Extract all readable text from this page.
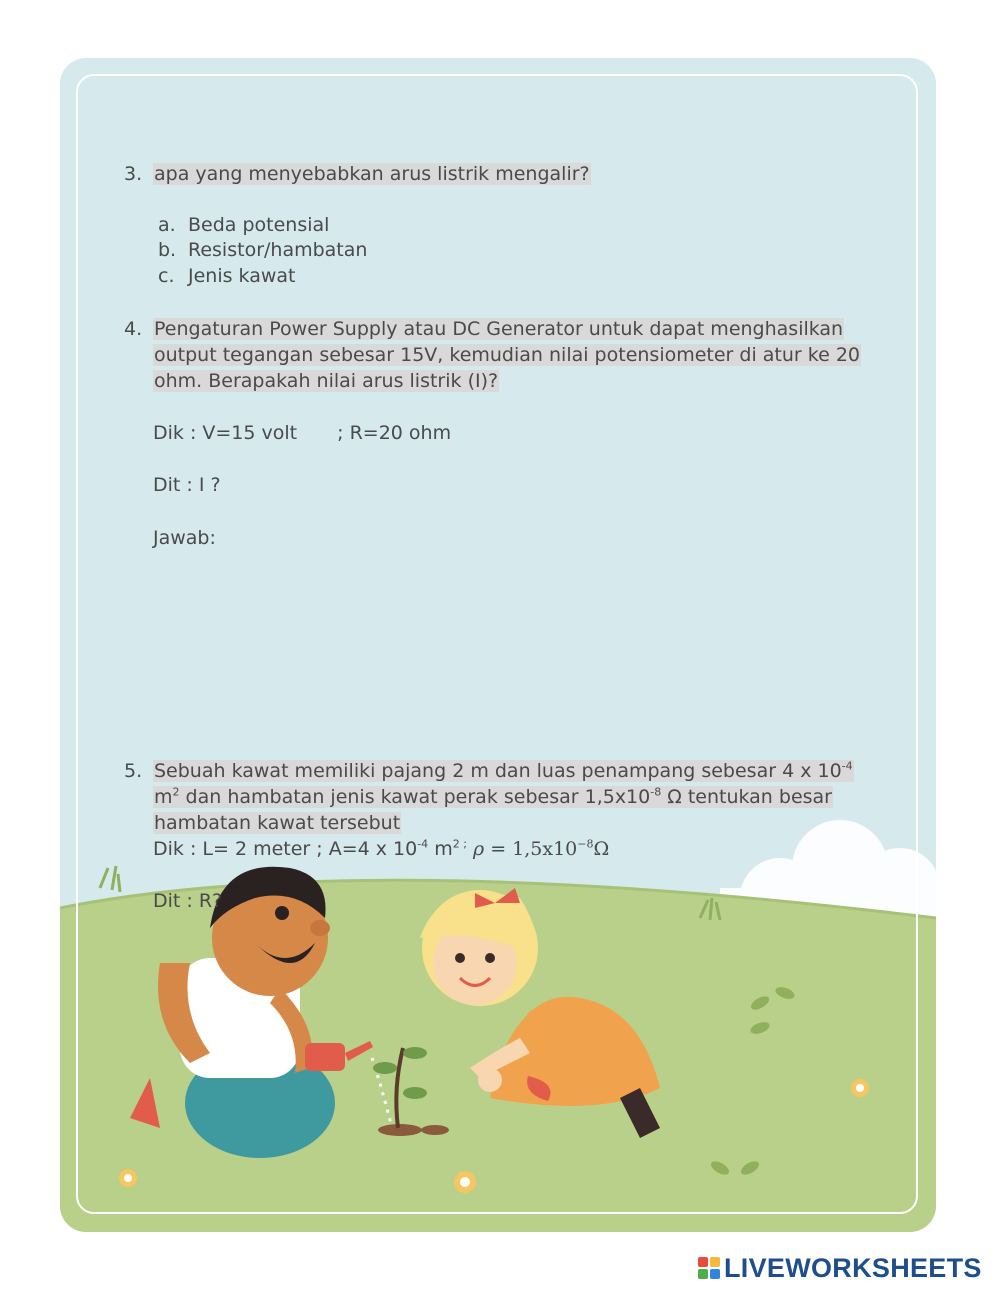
3. apa yang menyebabkan arus listrik mengalir?
a. Beda potensial
b. Resistor/hambatan
c. Jenis kawat
4. Pengaturan Power Supply atau DC Generator untuk dapat menghasilkan
output tegangan sebesar 15V, kemudian nilai potensiometer di atur ke 20
ohm. Berapakah nilai arus listrik (I)?
Dik : V=15 volt ; R=20 ohm
Dit : I ?
Jawab:
5. Sebuah kawat memiliki pajang 2 m dan luas penampang sebesar 4 x $10^{-4}$
$m^2$ dan hambatan jenis kawat perak sebesar $1,5x10^{-8}$ Ω tentukan besar
hambatan kawat tersebut
Dik : L= 2 meter ; A=4 x $10^{-4}$ $m^{2 ;}$ $\rho = 1,5x10^{-8}\Omega$
Dit : R?
LIVEWORKSHEETS
